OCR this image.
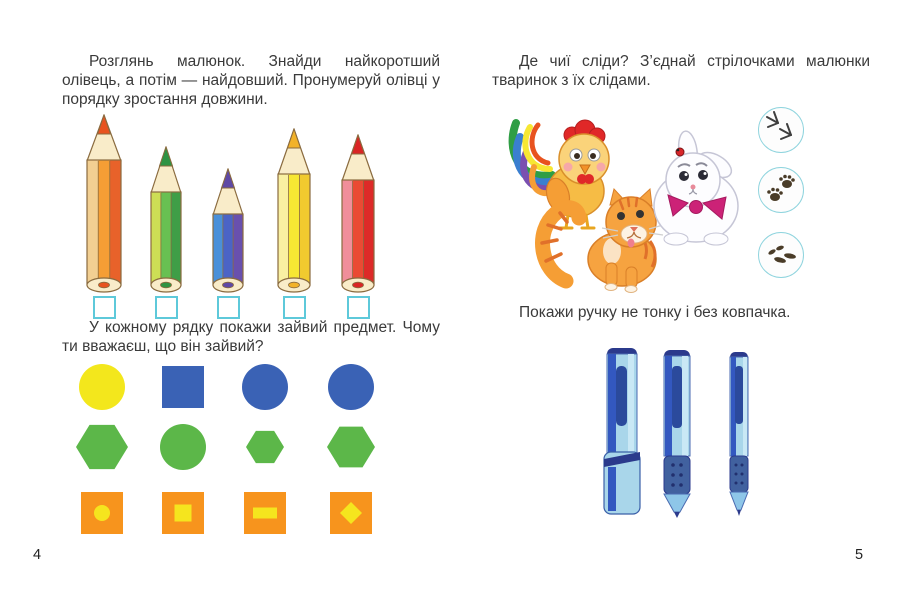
Розглянь малюнок. Знайди найкоротший олівець, а потім — найдовший. Пронумеруй олівці у порядку зростання довжини.

У кожному рядку покажи зайвий предмет. Чому ти вважаєш, що він зайвий?

4

Де чиї сліди? З’єднай стрілочками малюнки тваринок з їх слідами.

Покажи ручку не тонку і без ковпачка.

5
